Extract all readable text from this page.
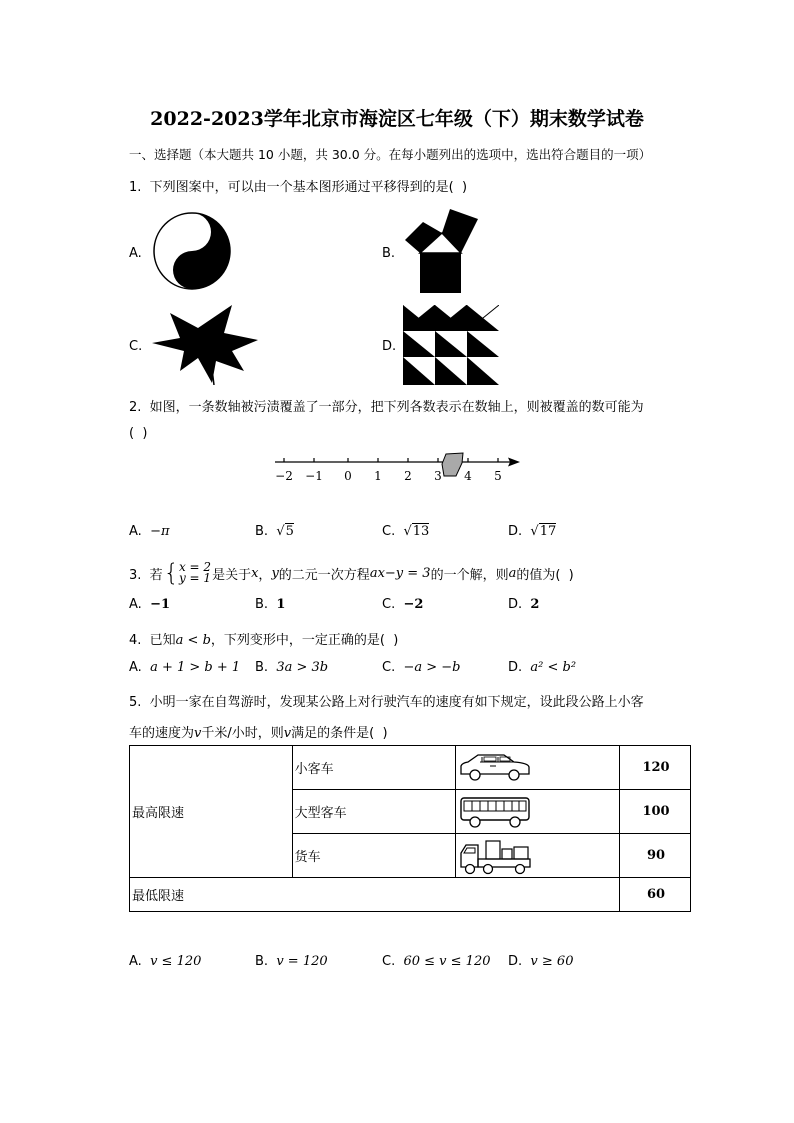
2022-2023学年北京市海淀区七年级（下）期末数学试卷
一、选择题（本大题共 10 小题，共 30.0 分。在每小题列出的选项中，选出符合题目的一项）
1.  下列图案中，可以由一个基本图形通过平移得到的是(  )
A.	B.
C.	D.
2.  如图，一条数轴被污渍覆盖了一部分，把下列各数表示在数轴上，则被覆盖的数可能为
(  )
−2 −1 0 1 2 3 4 5
A. −π	B. √5	C. √13	D. √17
3.  若 { x = 2
y = 1 是关于 x ， y 的二元一次方程 ax−y = 3 的一个解，则 a 的值为(  )
A. −1	B. 1	C. −2	D. 2
4.  已知a < b，下列变形中，一定正确的是(  )
A. a + 1 > b + 1 B. 3a > 3b	C. −a > −b	D. a² < b²
5.  小明一家在自驾游时，发现某公路上对行驶汽车的速度有如下规定，设此段公路上小客
车的速度为v千米/小时，则v满足的条件是(  )
最高限速	小客车		120
	大型客车		100
	货车		90
最低限速			60
A. v ≤ 120	B. v = 120	C. 60 ≤ v ≤ 120 D. v ≥ 60
